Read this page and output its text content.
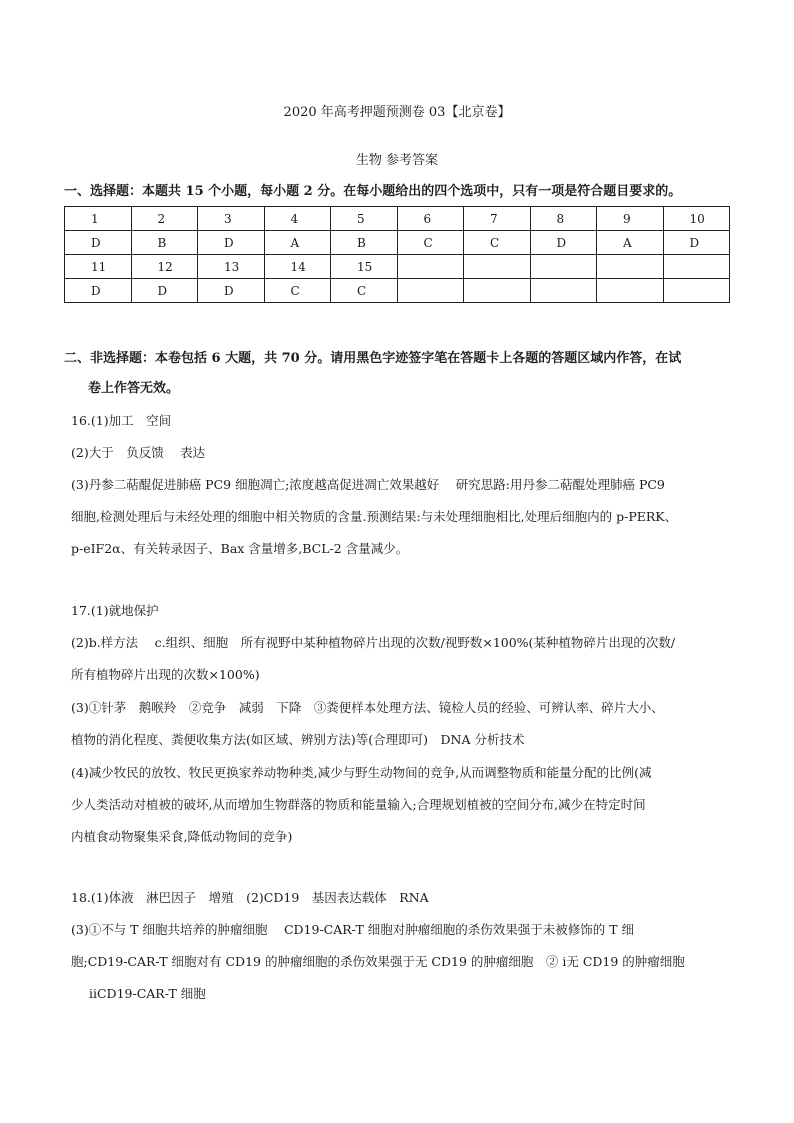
2020 年高考押题预测卷 03【北京卷】
生物 参考答案
一、选择题：本题共 15 个小题，每小题 2 分。在每小题给出的四个选项中，只有一项是符合题目要求的。
1	2	3	4	5	6	7	8	9	10
D	B	D	A	B	C	C	D	A	D
11	12	13	14	15					
D	D	D	C	C					
二、非选择题：本卷包括 6 大题，共 70 分。请用黑色字迹签字笔在答题卡上各题的答题区域内作答，在试
卷上作答无效。
16.(1)加工　空间
(2)大于　负反馈　 表达
(3)丹参二萜醌促进肺癌 PC9 细胞凋亡;浓度越高促进凋亡效果越好　 研究思路:用丹参二萜醌处理肺癌 PC9
细胞,检测处理后与未经处理的细胞中相关物质的含量.预测结果:与未处理细胞相比,处理后细胞内的 p-PERK、
p-eIF2α、有关转录因子、Bax 含量增多,BCL-2 含量减少。
17.(1)就地保护
(2)b.样方法　 c.组织、细胞　所有视野中某种植物碎片出现的次数/视野数×100%(某种植物碎片出现的次数/
所有植物碎片出现的次数×100%)
(3)①针茅　鹅喉羚　②竞争　减弱　下降　③粪便样本处理方法、镜检人员的经验、可辨认率、碎片大小、
植物的消化程度、粪便收集方法(如区域、辨别方法)等(合理即可)　DNA 分析技术
(4)减少牧民的放牧、牧民更换家养动物种类,减少与野生动物间的竞争,从而调整物质和能量分配的比例(减
少人类活动对植被的破坏,从而增加生物群落的物质和能量输入;合理规划植被的空间分布,减少在特定时间
内植食动物聚集采食,降低动物间的竞争)
18.(1)体液　淋巴因子　增殖　(2)CD19　基因表达载体　RNA
(3)①不与 T 细胞共培养的肿瘤细胞　 CD19-CAR-T 细胞对肿瘤细胞的杀伤效果强于未被修饰的 T 细
胞;CD19-CAR-T 细胞对有 CD19 的肿瘤细胞的杀伤效果强于无 CD19 的肿瘤细胞　② ⅰ无 CD19 的肿瘤细胞
ⅱCD19-CAR-T 细胞
